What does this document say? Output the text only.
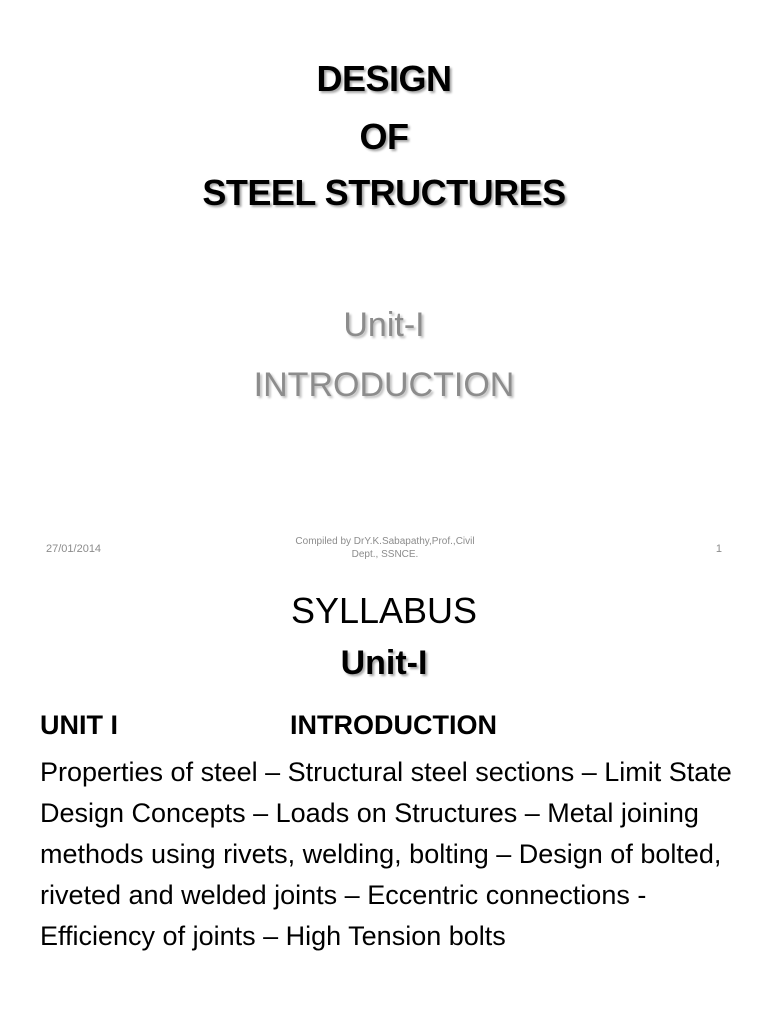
DESIGN
OF
STEEL STRUCTURES
Unit-I
INTRODUCTION
27/01/2014
Compiled by DrY.K.Sabapathy,Prof.,Civil
Dept., SSNCE.	1
SYLLABUS
Unit-I
UNIT I	INTRODUCTION
Properties of steel – Structural steel sections – Limit State Design Concepts – Loads on Structures – Metal joining methods using rivets, welding, bolting – Design of bolted, riveted and welded joints – Eccentric connections - Efficiency of joints – High Tension bolts
